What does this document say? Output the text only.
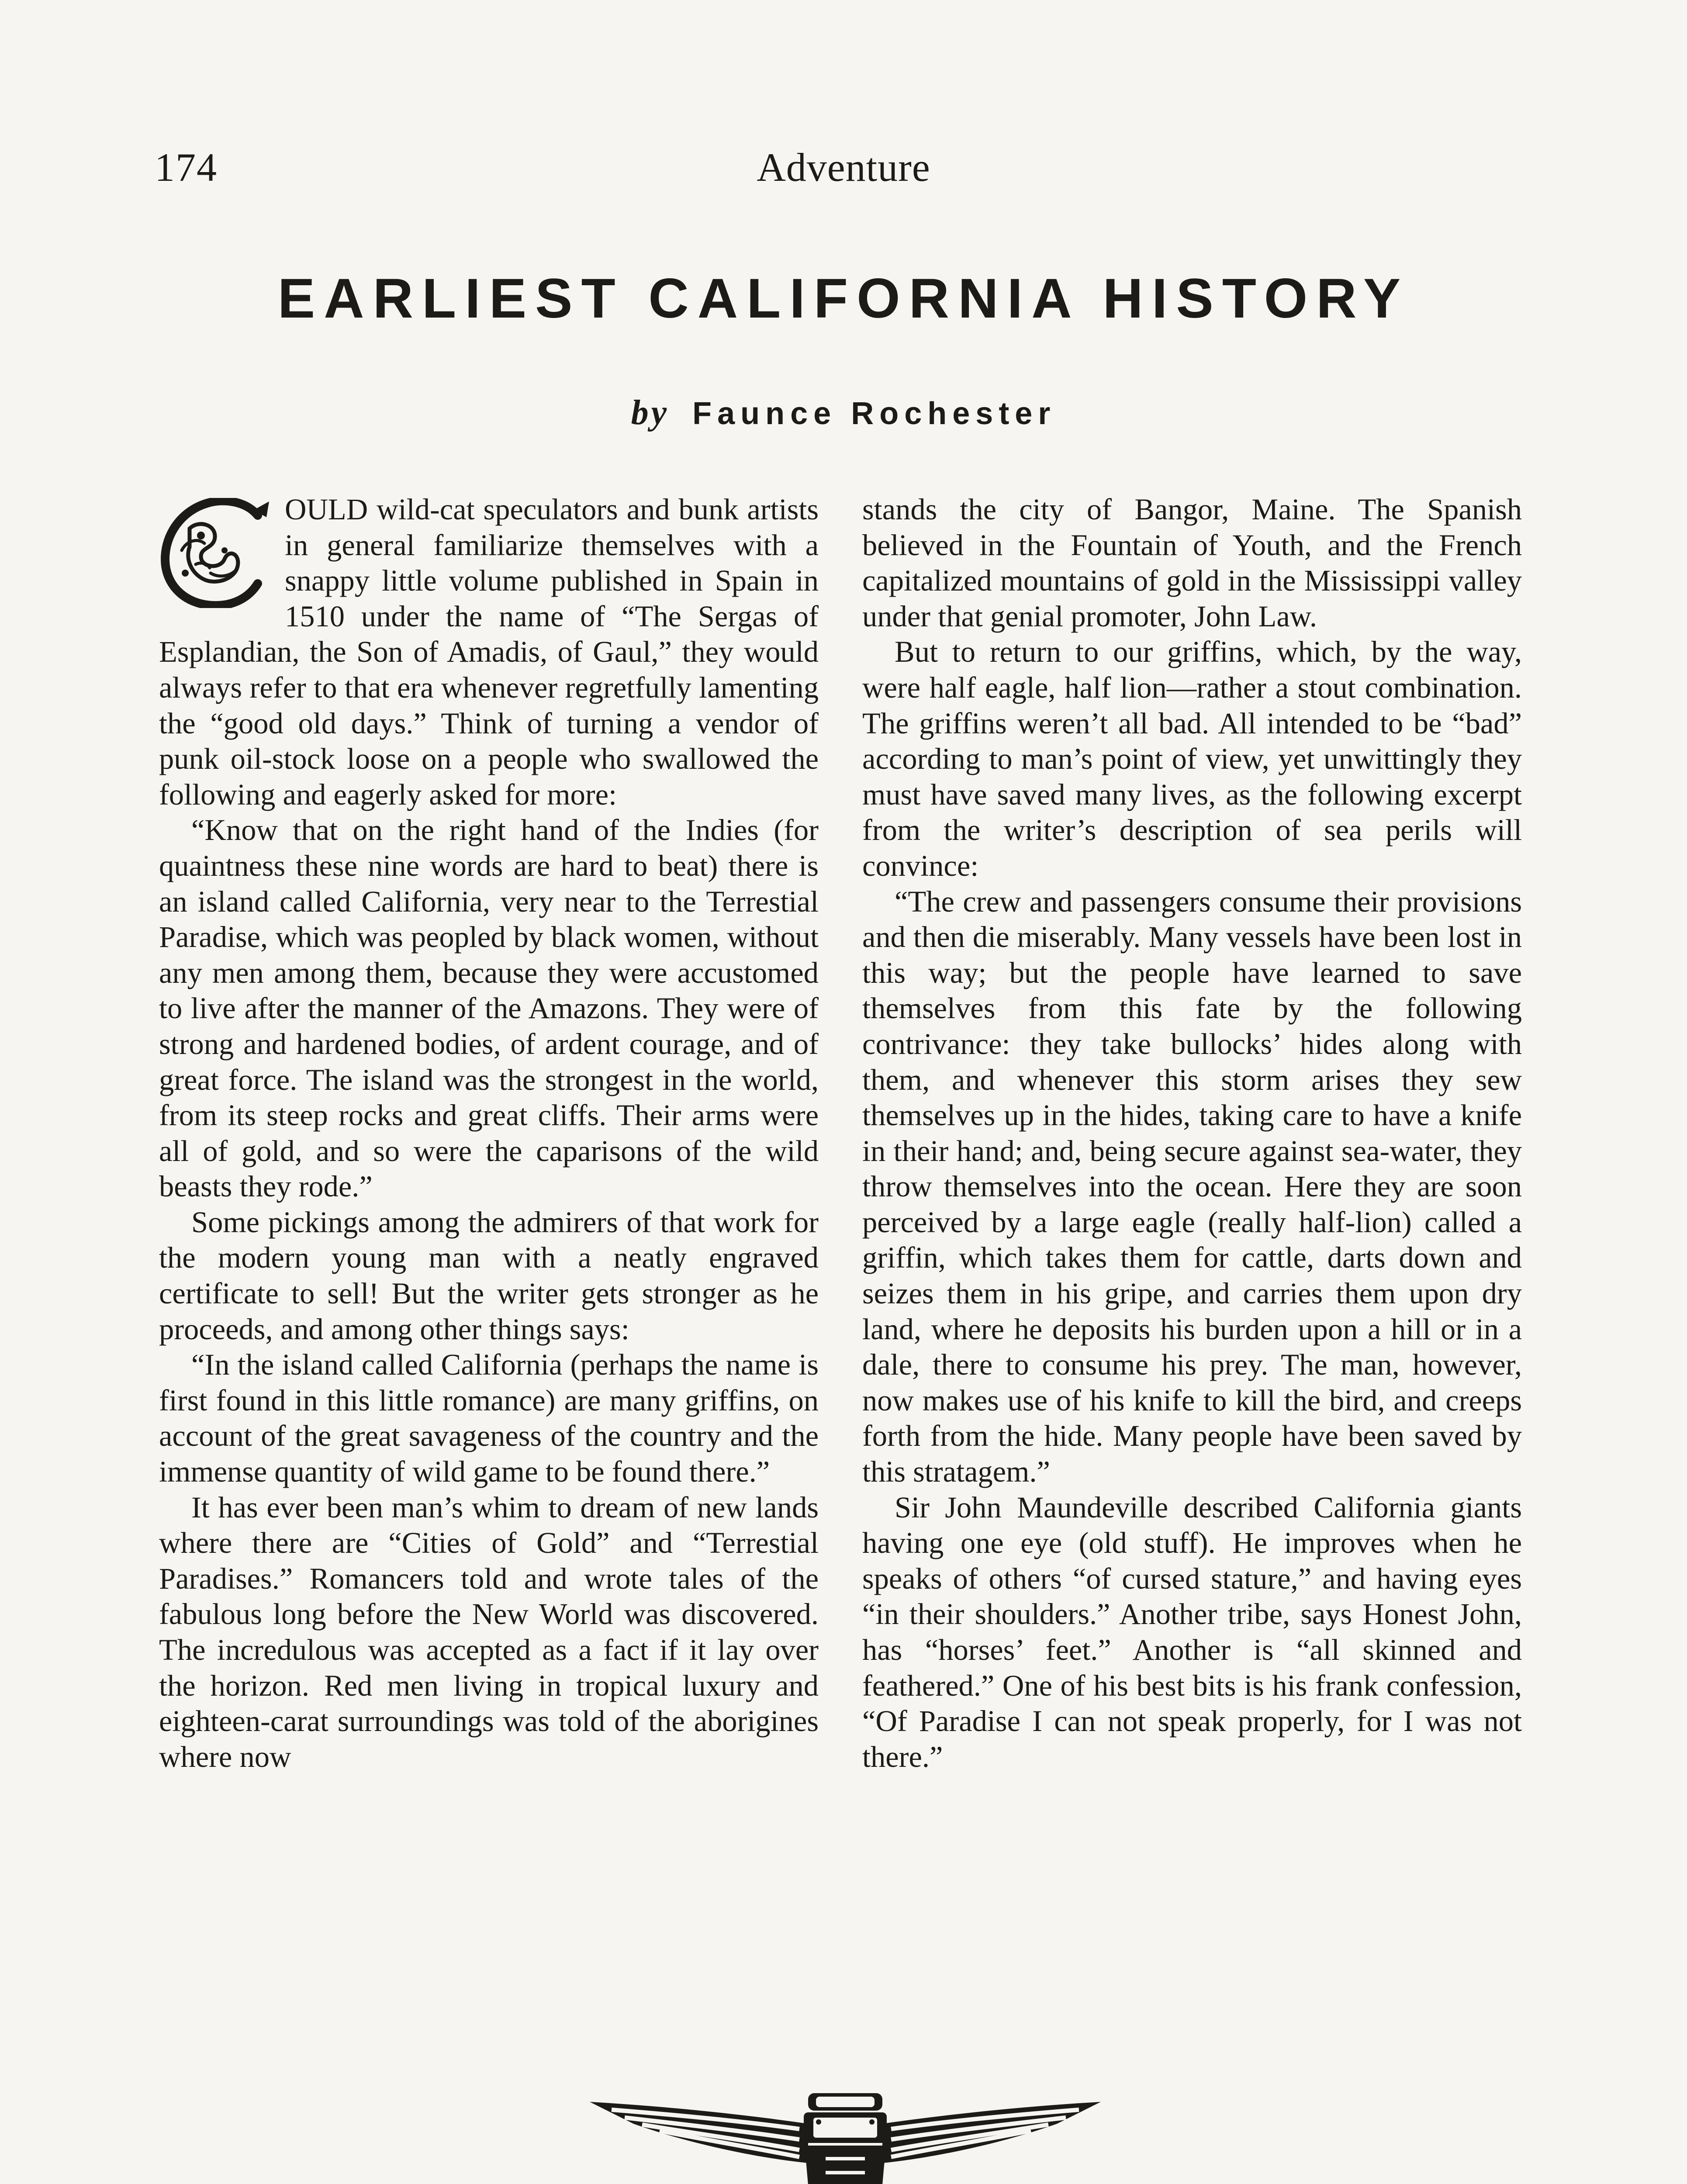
174	Adventure
EARLIEST CALIFORNIA HISTORY
by Faunce Rochester

OULD wild-cat speculators and bunk artists in general familiarize themselves with a snappy little volume published in Spain in 1510 under the name of “The Sergas of Esplandian, the Son of Amadis, of Gaul,” they would always refer to that era whenever regretfully lamenting the “good old days.” Think of turning a vendor of punk oil-stock loose on a people who swallowed the following and eagerly asked for more:

“Know that on the right hand of the Indies (for quaintness these nine words are hard to beat) there is an island called California, very near to the Terrestial Paradise, which was peopled by black women, without any men among them, because they were accustomed to live after the manner of the Amazons. They were of strong and hardened bodies, of ardent courage, and of great force. The island was the strongest in the world, from its steep rocks and great cliffs. Their arms were all of gold, and so were the caparisons of the wild beasts they rode.”

Some pickings among the admirers of that work for the modern young man with a neatly engraved certificate to sell! But the writer gets stronger as he proceeds, and among other things says:

“In the island called California (perhaps the name is first found in this little romance) are many griffins, on account of the great savageness of the country and the immense quantity of wild game to be found there.”

It has ever been man’s whim to dream of new lands where there are “Cities of Gold” and “Terrestial Paradises.” Romancers told and wrote tales of the fabulous long before the New World was discovered. The incredulous was accepted as a fact if it lay over the horizon. Red men living in tropical luxury and eighteen-carat surroundings was told of the aborigines where now

stands the city of Bangor, Maine. The Spanish believed in the Fountain of Youth, and the French capitalized mountains of gold in the Mississippi valley under that genial promoter, John Law.

But to return to our griffins, which, by the way, were half eagle, half lion—rather a stout combination. The griffins weren’t all bad. All intended to be “bad” according to man’s point of view, yet unwittingly they must have saved many lives, as the following excerpt from the writer’s description of sea perils will convince:

“The crew and passengers consume their provisions and then die miserably. Many vessels have been lost in this way; but the people have learned to save themselves from this fate by the following contrivance: they take bullocks’ hides along with them, and whenever this storm arises they sew themselves up in the hides, taking care to have a knife in their hand; and, being secure against sea-water, they throw themselves into the ocean. Here they are soon perceived by a large eagle (really half-lion) called a griffin, which takes them for cattle, darts down and seizes them in his gripe, and carries them upon dry land, where he deposits his burden upon a hill or in a dale, there to consume his prey. The man, however, now makes use of his knife to kill the bird, and creeps forth from the hide. Many people have been saved by this stratagem.”

Sir John Maundeville described California giants having one eye (old stuff). He improves when he speaks of others “of cursed stature,” and having eyes “in their shoulders.” Another tribe, says Honest John, has “horses’ feet.” Another is “all skinned and feathered.” One of his best bits is his frank confession, “Of Paradise I can not speak properly, for I was not there.”
